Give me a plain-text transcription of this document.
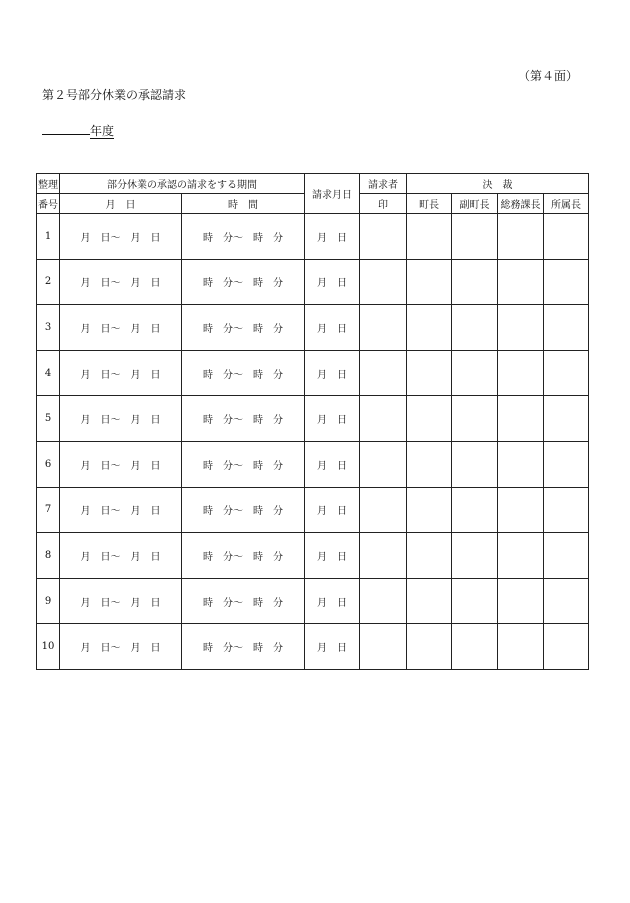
（第４面）
第２号部分休業の承認請求
年度
整理	部分休業の承認の請求をする期間		請求月日	請求者	決　裁			
番号	月　日	時　間		印	町長	副町長	総務課長	所属長
1	月　日〜　月　日	時　分〜　時　分	月　日					
2	月　日〜　月　日	時　分〜　時　分	月　日					
3	月　日〜　月　日	時　分〜　時　分	月　日					
4	月　日〜　月　日	時　分〜　時　分	月　日					
5	月　日〜　月　日	時　分〜　時　分	月　日					
6	月　日〜　月　日	時　分〜　時　分	月　日					
7	月　日〜　月　日	時　分〜　時　分	月　日					
8	月　日〜　月　日	時　分〜　時　分	月　日					
9	月　日〜　月　日	時　分〜　時　分	月　日					
10	月　日〜　月　日	時　分〜　時　分	月　日					
